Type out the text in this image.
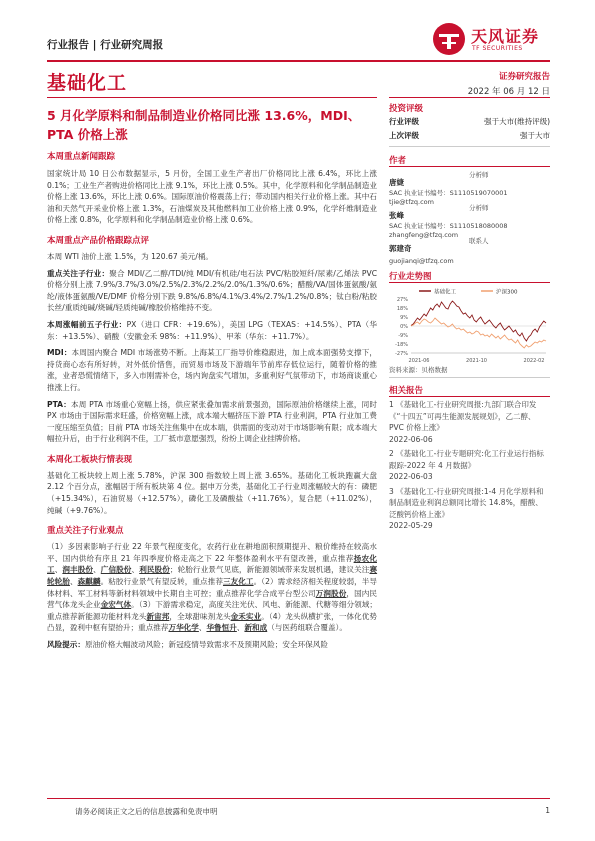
行业报告 | 行业研究周报	天风证券
TF SECURITIES
基础化工	证券研究报告
2022 年 06 月 12 日
5 月化学原料和制品制造业价格同比涨 13.6%，MDI、PTA 价格上涨
本周重点新闻跟踪
国家统计局 10 日公布数据显示，5 月份，全国工业生产者出厂价格同比上涨 6.4%，环比上涨 0.1%；工业生产者购进价格同比上涨 9.1%，环比上涨 0.5%。其中，化学原料和化学制品制造业价格上涨 13.6%，环比上涨 0.6%。国际原油价格震荡上行；带动国内相关行业价格上涨。其中石油和天然气开采业价格上涨 1.3%，石油煤炭及其他燃料加工业价格上涨 0.9%，化学纤维制造业价格上涨 0.8%，化学原料和化学制品制造业价格上涨 0.6%。
本周重点产品价格跟踪点评
本周 WTI 油价上涨 1.5%，为 120.67 美元/桶。
重点关注子行业：聚合 MDI/乙二醇/TDI/纯 MDI/有机硅/电石法 PVC/粘胶短纤/尿素/乙烯法 PVC 价格分别上涨 7.9%/3.7%/3.0%/2.5%/2.3%/2.2%/2.0%/1.3%/0.6%；醋酸/VA/国体蛋氨酸/氨纶/液体蛋氨酸/VE/DMF 价格分别下跌 9.8%/6.8%/4.1%/3.4%/2.7%/1.2%/0.8%；钛白粉/粘胶长丝/重质纯碱/烧碱/轻质纯碱/橡胶价格维持不变。
本周涨幅前五子行业：PX（进口 CFR：+19.6%），美国 LPG（TEXAS：+14.5%）、PTA（华东：+13.5%）、硝酸（安徽金禾 98%：+11.9%）、甲苯（华东：+11.7%）。
MDI：本周国内聚合 MDI 市场涨势不断。上海某工厂指导价维稳跟进，加上成本面强势支撑下，持货商心态有所好转，对外低价惜售，而贸易市场及下游端年节前库存低位运行，随着价格的推涨，业者恐慌情绪下，多入市刚需补仓，场内询盘实气增加，多重利好气氛带动下，市场商谈重心推涨上行。
PTA：本周 PTA 市场重心宽幅上扬，供应紧张叠加需求前景强劲，国际原油价格继续上涨，同时 PX 市场由于国际需求旺盛，价格宽幅上涨，成本端大幅挤压下游 PTA 行业利润，PTA 行业加工费一度压缩至负值；目前 PTA 市场关注焦集中在成本端，供需面的变动对于市场影响有限；成本端大幅拉升后，由于行业利润不佳，工厂抵市意愿强烈，纷纷上调企业挂牌价格。
本周化工板块行情表现
基础化工板块较上周上涨 5.78%，沪深 300 指数较上周上涨 3.65%。基础化工板块跑赢大盘 2.12 个百分点，涨幅居于所有板块第 4 位。据申万分类，基础化工子行业周涨幅较大的有：磷肥（+15.34%），石油贸易（+12.57%），磷化工及磷酸盐（+11.76%），复合肥（+11.02%），纯碱（+9.76%）。
重点关注子行业观点
（1）多因素影响子行业 22 年景气程度变化，农药行业在耕地面积预期提升、粮价维持在较高水平、国内供给有序且 21 年四季度价格走高之下 22 年整体盈利水平有望改善，重点推荐扬农化工、润丰股份、广信股份、利民股份；轮胎行业景气见底，新能源领域带来发展机遇，建议关注赛轮轮胎、森麒麟。粘胶行业景气有望反转，重点推荐三友化工。（2）需求经济相关程度较弱，半导体材料、军工材料等新材料领域中长期自主可控；重点推荐化学合成平台型公司万润股份，国内民营气体龙头企业金宏气体。（3）下游需求稳定，高度关注光伏、风电、新能源、代糖等细分领域；重点推荐新能源功能材料龙头新宙邦，全球甜味剂龙头金禾实业。（4）龙头纵横扩张，一体化优势凸显，盈利中枢有望抬升；重点推荐万华化学、华鲁恒升、新和成（与医药组联合覆盖）。
风险提示：原油价格大幅波动风险；新冠疫情导致需求不及预期风险；安全环保风险
投资评级
行业评级	强于大市(维持评级)
上次评级	强于大市
作者
唐婕
分析师
SAC 执业证书编号：S1110519070001
tjie@tfzq.com
张峰
分析师
SAC 执业证书编号：S1110518080008
zhangfeng@tfzq.com
郭建奇
联系人
guojianqi@tfzq.com
行业走势图
基础化工	沪深300
27%
18%
9%
0%
-9%
-18%
-27%
2021-06	2021-10	2022-02
资料来源：贝格数据
相关报告
1 《基础化工-行业研究周报:九部门联合印发《“十四五”可再生能源发展规划》，乙二醇、PVC 价格上涨》
2022-06-06
2 《基础化工-行业专题研究:化工行业运行指标跟踪-2022 年 4 月数据》
2022-06-03
3 《基础化工-行业研究周报:1-4 月化学原料和制品制造业利润总额同比增长 14.8%，醋酸、泛酸钙价格上涨》
2022-05-29
请务必阅读正文之后的信息披露和免责申明	1
